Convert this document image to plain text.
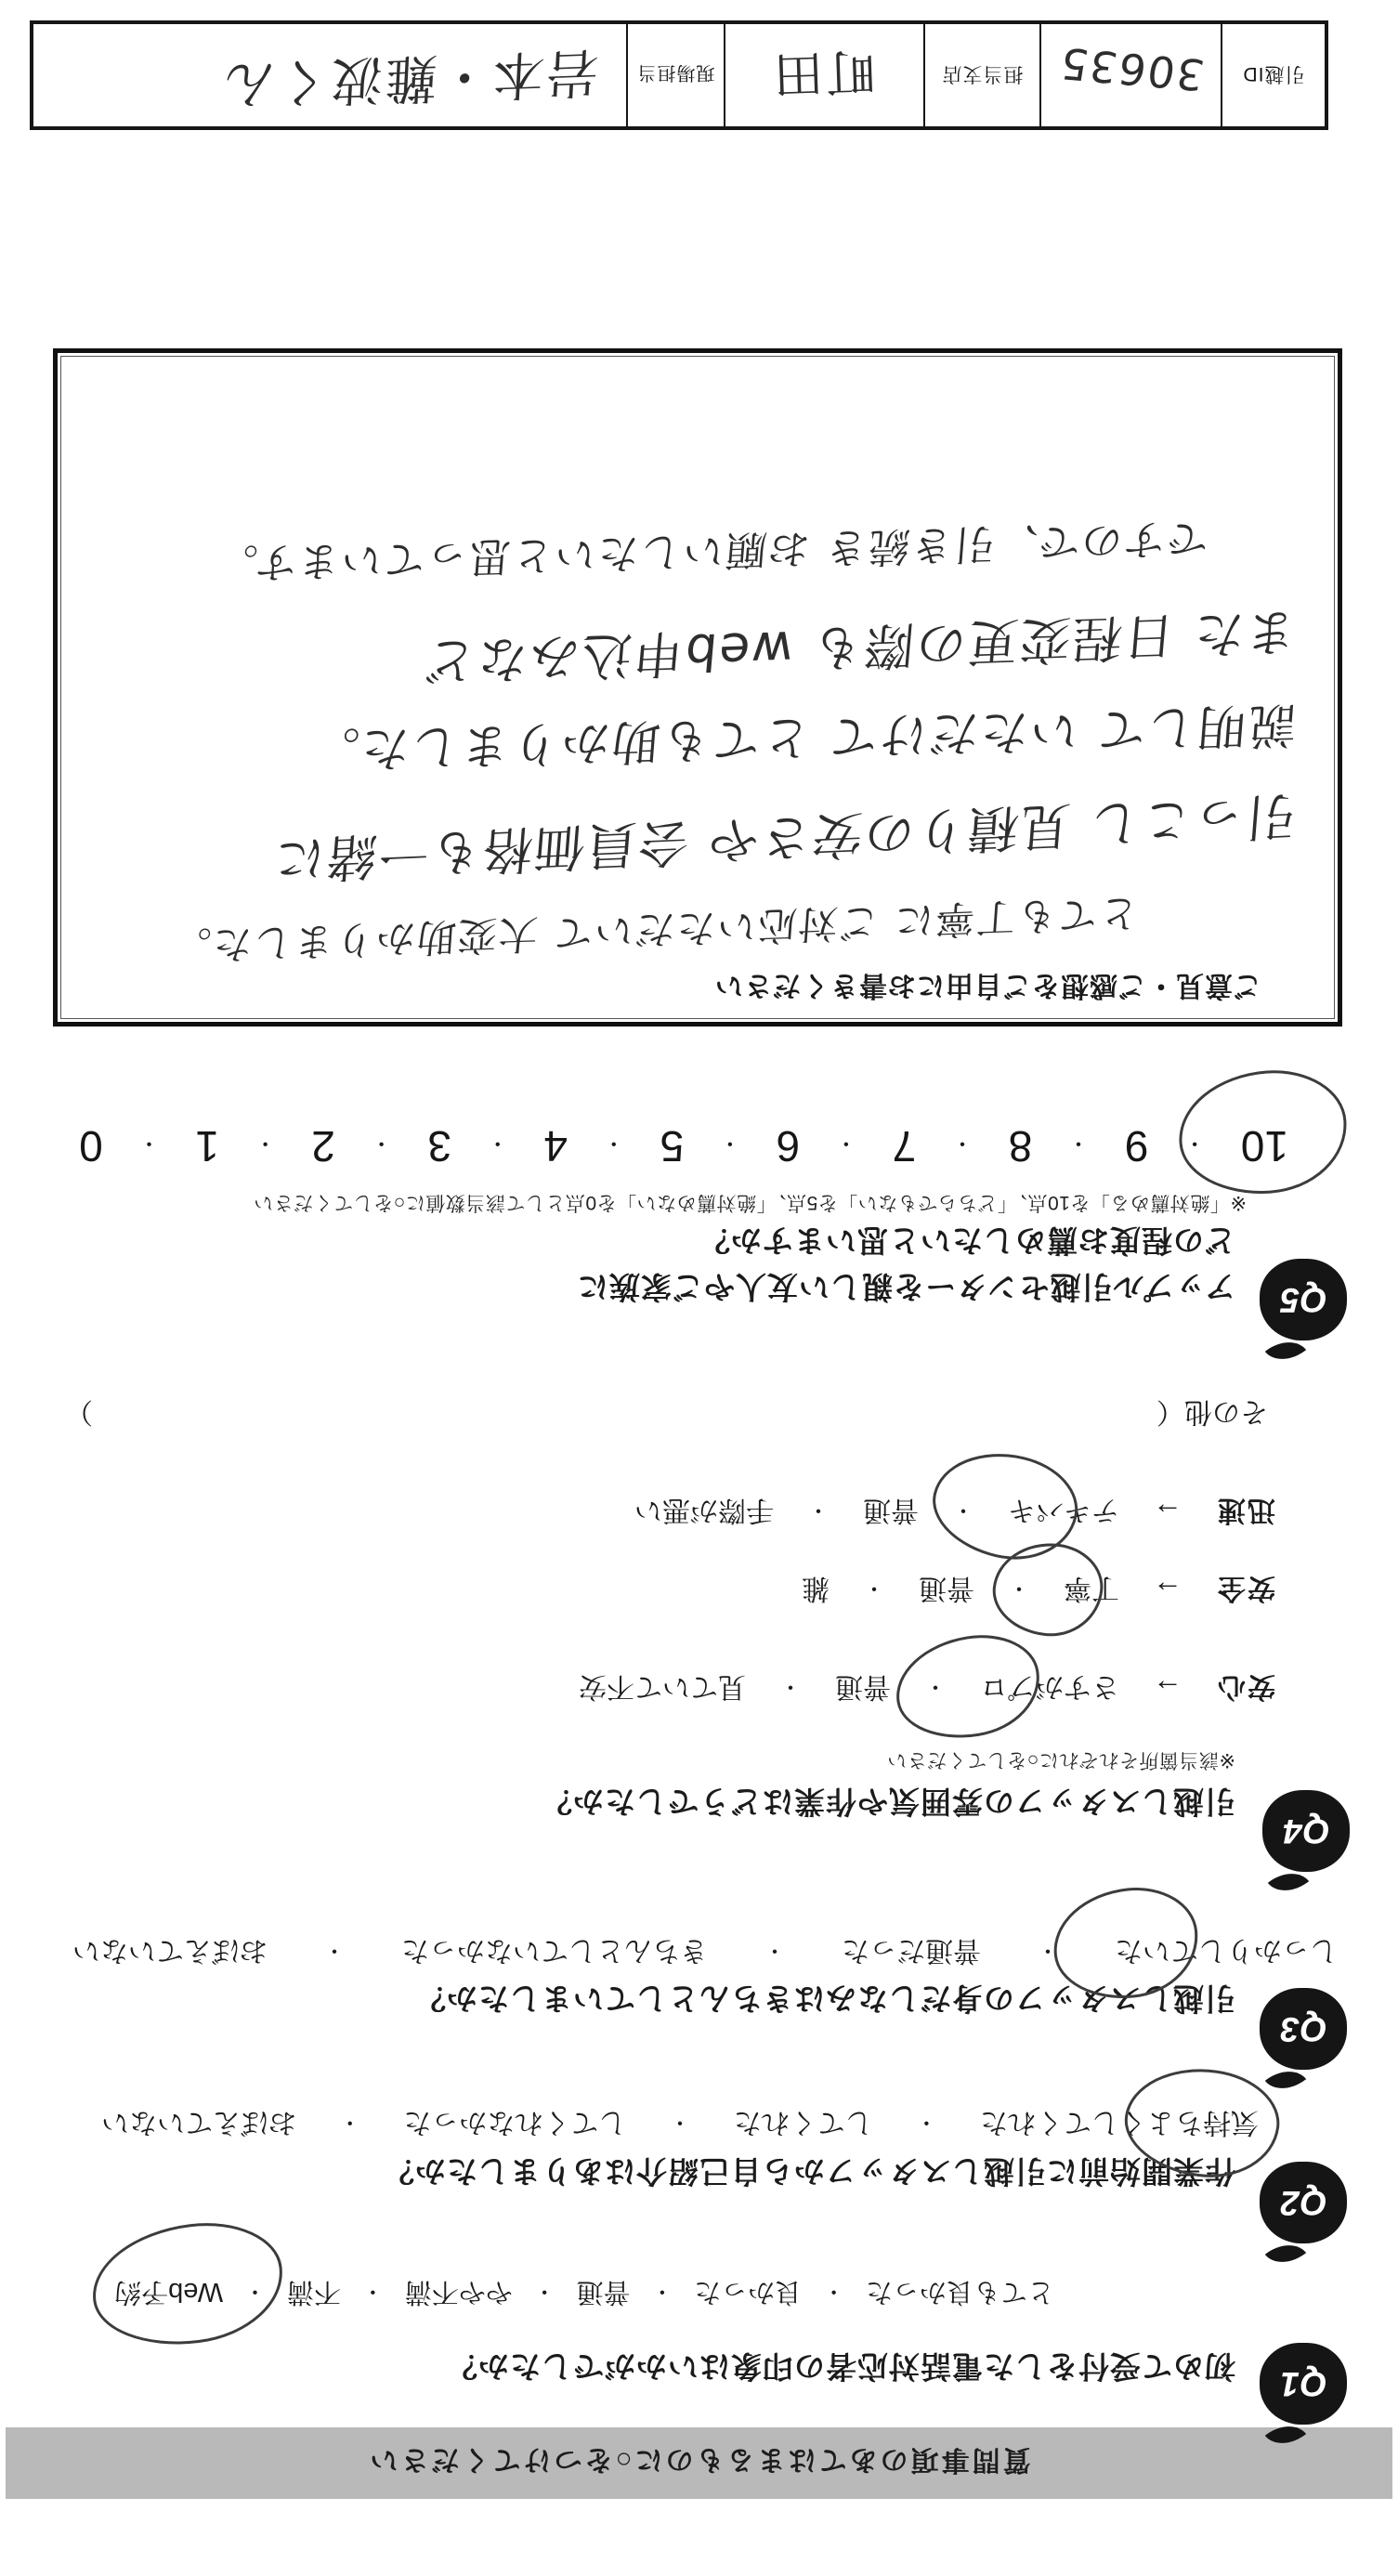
質問事項のあてはまるものに○をつけてください
Q1
初めて受付をした電話対応者の印象はいかがでしたか？
とても良かった
・
良かった
・
普通
・
やや不満
・
不満
・
Web予約
Q2
作業開始前に引越しスタッフから自己紹介はありましたか？
気持ちよくしてくれた
・
してくれた
・
してくれなかった
・
おぼえていない
Q3
引越しスタッフの身だしなみはきちんとしていましたか？
しっかりしていた
・
普通だった
・
きちんとしていなかった
・
おぼえていない
Q4
引越しスタッフの雰囲気や作業はどうでしたか？
※該当箇所それぞれに○をしてください
安心
→
さすがプロ
・
普通
・
見ていて不安
安全
→
丁寧
・
普通
・
雑
迅速
→
テキパキ
・
普通
・
手際が悪い
その他（
）
Q5
アップル引越センターを親しい友人やご家族に
どの程度お薦めしたいと思いますか？
※「絶対薦める」を10点、「どちらでもない」を5点、「絶対薦めない」を0点として該当数値に○をしてください
10
・
9
・
8
・
7
・
6
・
5
・
4
・
3
・
2
・
1
・
0
ご意見・ご感想をご自由にお書きください
とても丁寧に ご対応いただいて 大変助かりました。
引っこし 見積りの安さや 会員価格も一緒に
説明して いただけて とても助かりました。
また 日程変更の際も web申込みなど
ですので、引き続き お願いしたいと思っています。
引越ID
30635
担当支店
町田
現場担当
岩本・難波くん
